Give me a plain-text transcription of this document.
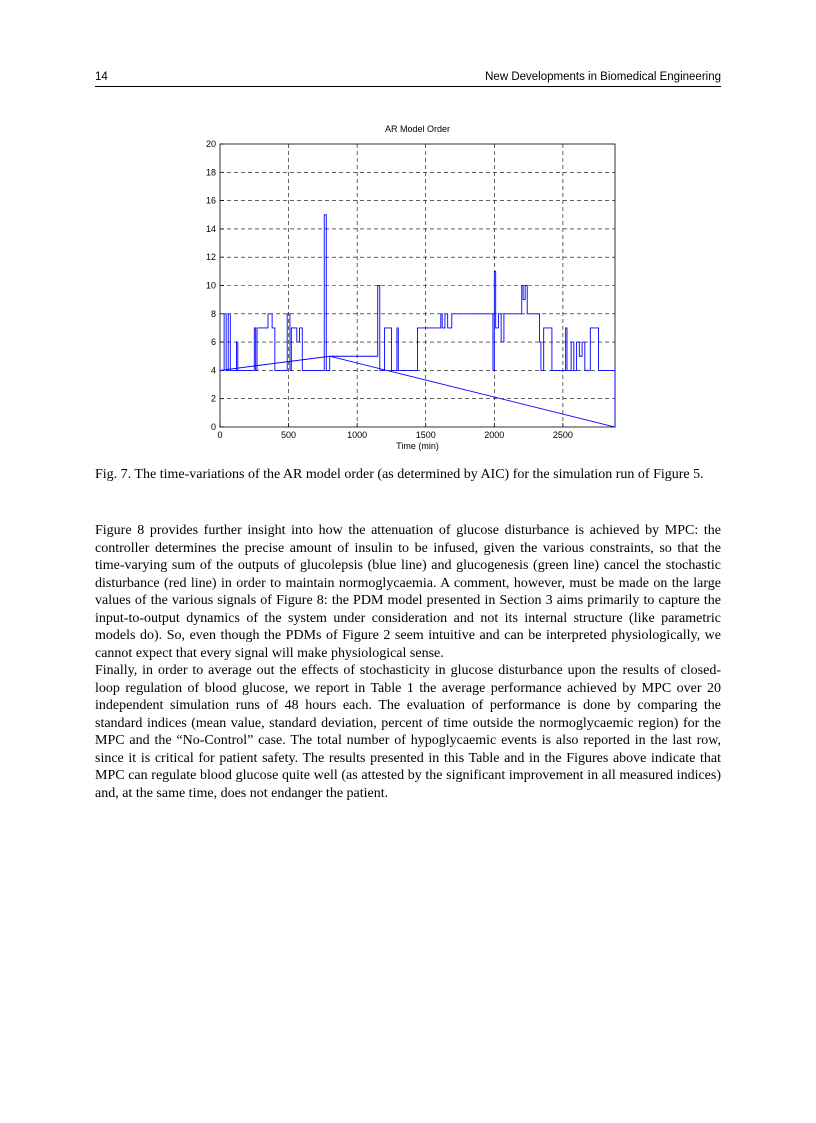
14	New Developments in Biomedical Engineering
AR Model Order
0
2
4
6
8
10
12
14
16
18
20
0	500	1000	1500	2000	2500
Time (min)
Fig. 7. The time-variations of the AR model order (as determined by AIC) for the simulation run of Figure 5.

Figure 8 provides further insight into how the attenuation of glucose disturbance is achieved by MPC: the controller determines the precise amount of insulin to be infused, given the various constraints, so that the time-varying sum of the outputs of glucolepsis (blue line) and glucogenesis (green line) cancel the stochastic disturbance (red line) in order to maintain normoglycaemia. A comment, however, must be made on the large values of the various signals of Figure 8: the PDM model presented in Section 3 aims primarily to capture the input-to-output dynamics of the system under consideration and not its internal structure (like parametric models do). So, even though the PDMs of Figure 2 seem intuitive and can be interpreted physiologically, we cannot expect that every signal will make physiological sense.

Finally, in order to average out the effects of stochasticity in glucose disturbance upon the results of closed-loop regulation of blood glucose, we report in Table 1 the average performance achieved by MPC over 20 independent simulation runs of 48 hours each. The evaluation of performance is done by comparing the standard indices (mean value, standard deviation, percent of time outside the normoglycaemic region) for the MPC and the “No-Control” case. The total number of hypoglycaemic events is also reported in the last row, since it is critical for patient safety. The results presented in this Table and in the Figures above indicate that MPC can regulate blood glucose quite well (as attested by the significant improvement in all measured indices) and, at the same time, does not endanger the patient.
